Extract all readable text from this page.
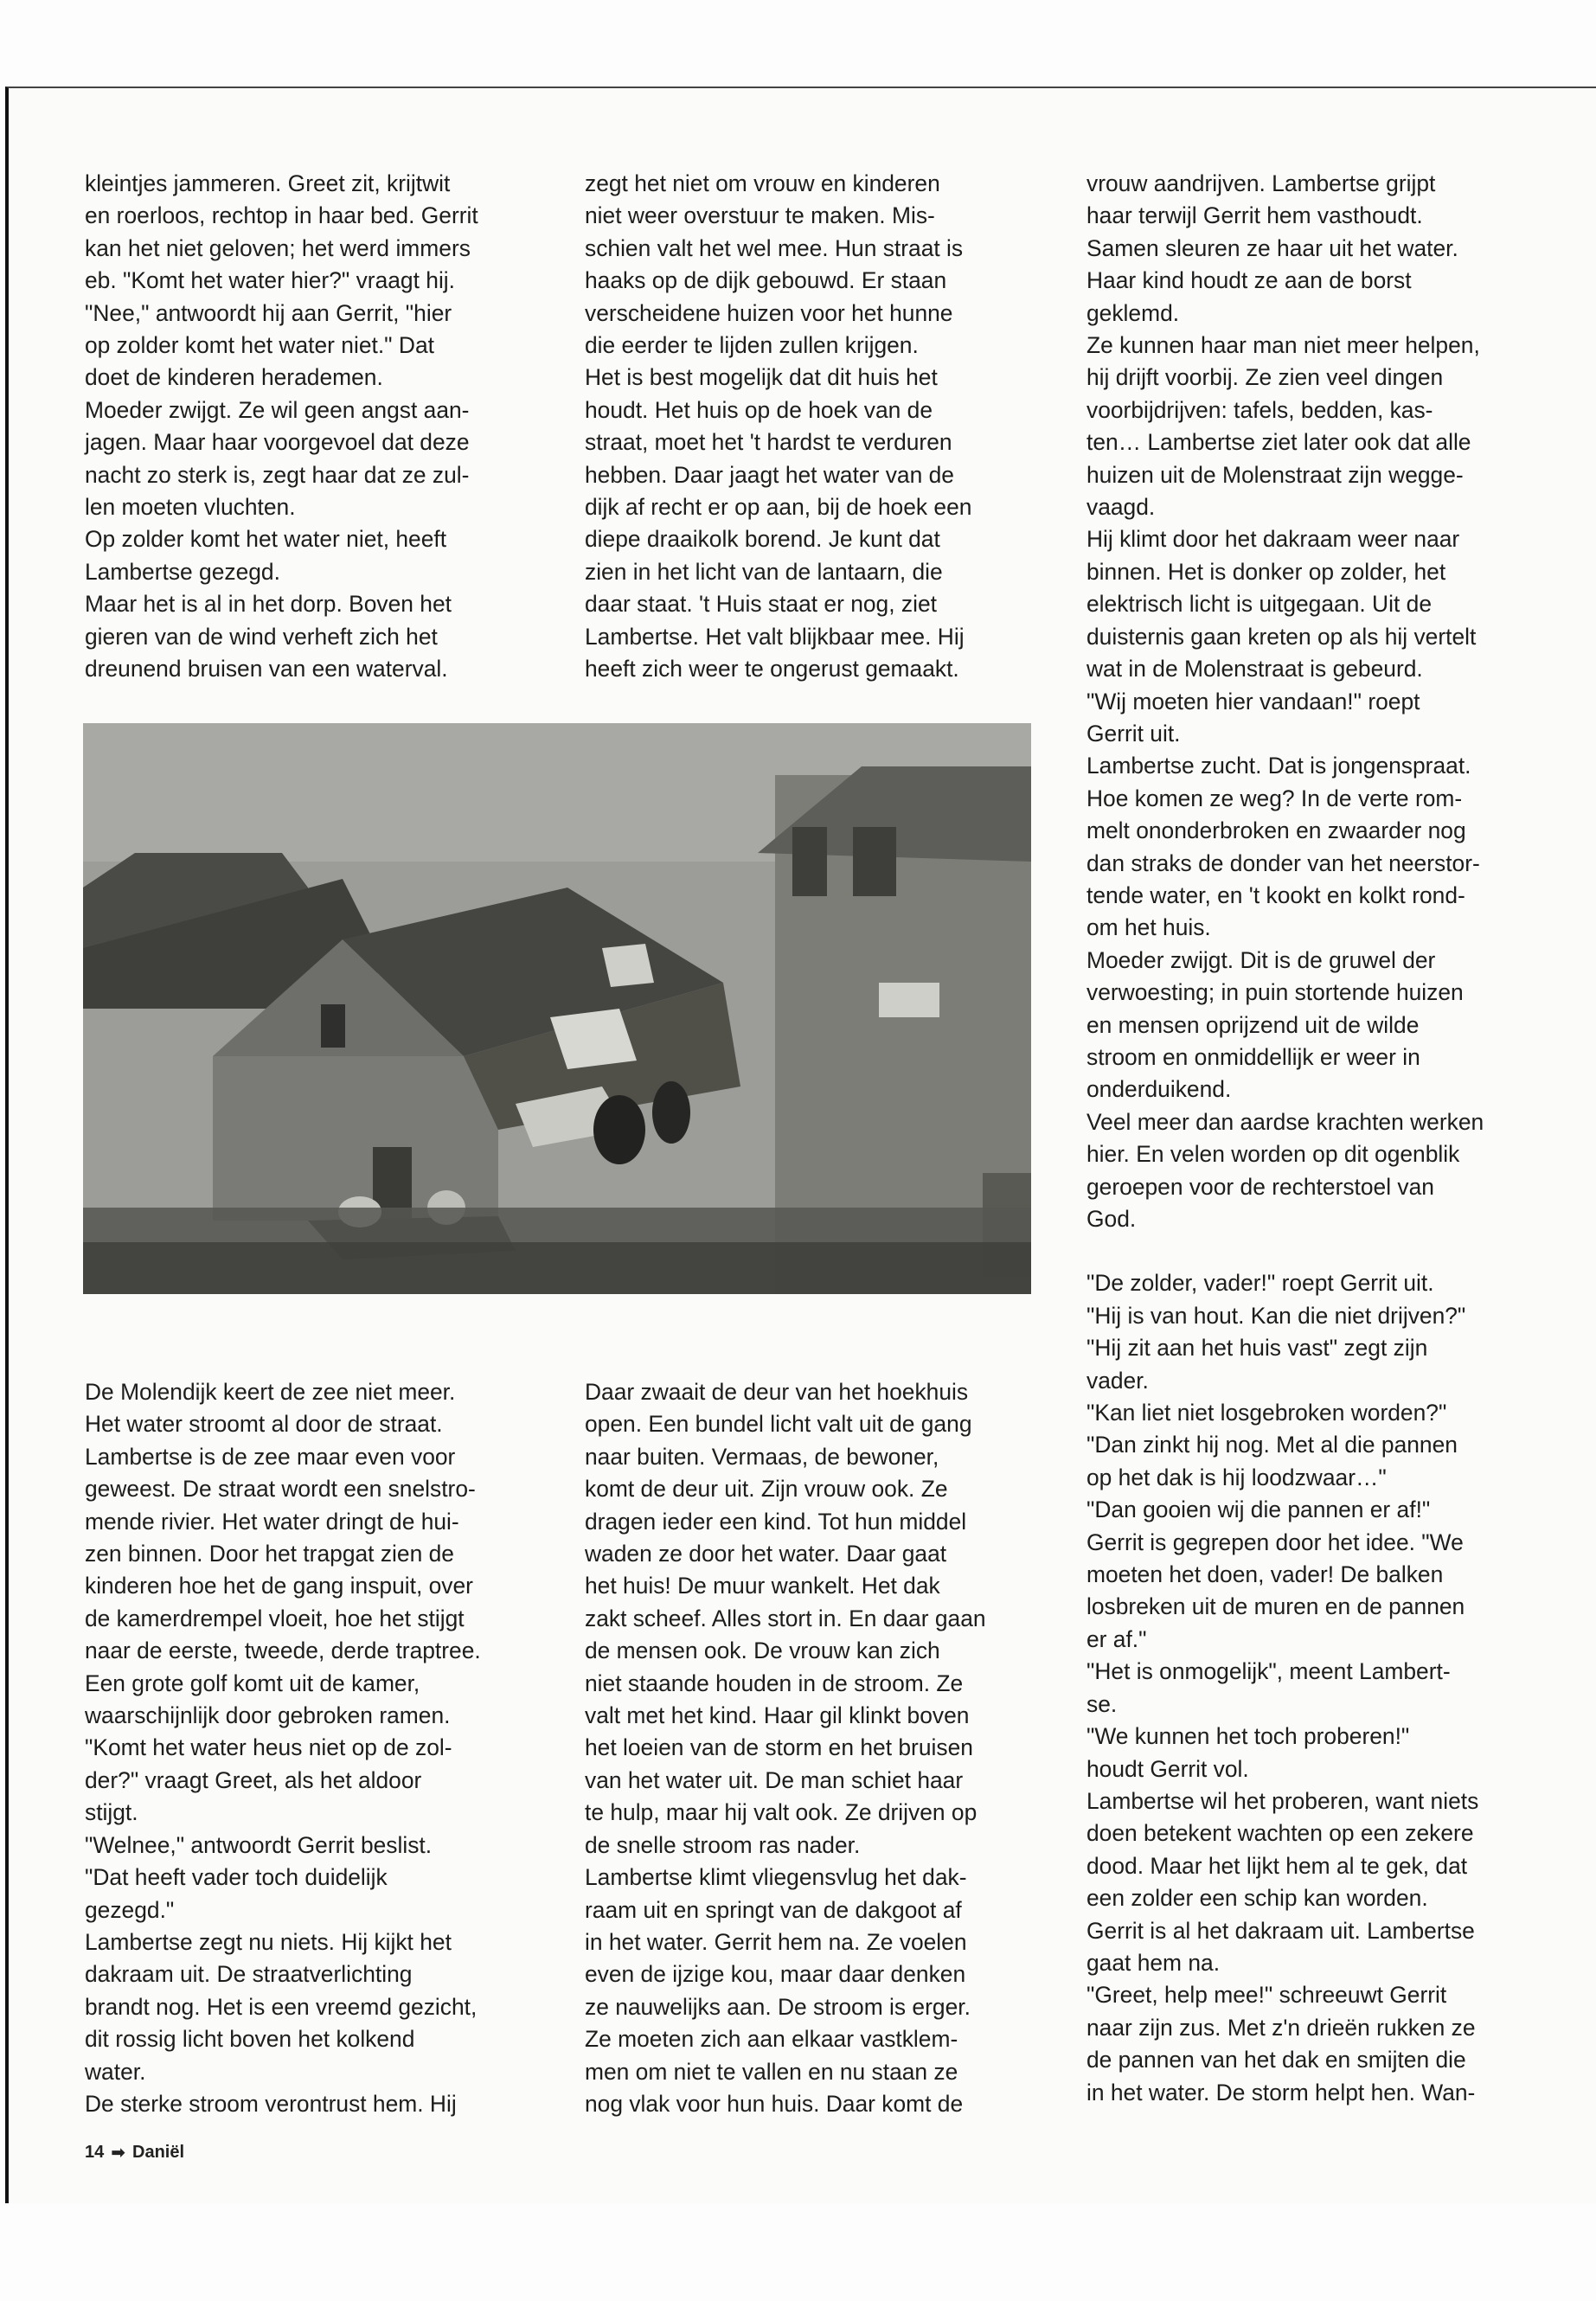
kleintjes jammeren. Greet zit, krijtwit
en roerloos, rechtop in haar bed. Gerrit
kan het niet geloven; het werd immers
eb. "Komt het water hier?" vraagt hij.
"Nee," antwoordt hij aan Gerrit, "hier
op zolder komt het water niet." Dat
doet de kinderen herademen.
Moeder zwijgt. Ze wil geen angst aan-
jagen. Maar haar voorgevoel dat deze
nacht zo sterk is, zegt haar dat ze zul-
len moeten vluchten.
Op zolder komt het water niet, heeft
Lambertse gezegd.
Maar het is al in het dorp. Boven het
gieren van de wind verheft zich het
dreunend bruisen van een waterval.
zegt het niet om vrouw en kinderen
niet weer overstuur te maken. Mis-
schien valt het wel mee. Hun straat is
haaks op de dijk gebouwd. Er staan
verscheidene huizen voor het hunne
die eerder te lijden zullen krijgen.
Het is best mogelijk dat dit huis het
houdt. Het huis op de hoek van de
straat, moet het 't hardst te verduren
hebben. Daar jaagt het water van de
dijk af recht er op aan, bij de hoek een
diepe draaikolk borend. Je kunt dat
zien in het licht van de lantaarn, die
daar staat. 't Huis staat er nog, ziet
Lambertse. Het valt blijkbaar mee. Hij
heeft zich weer te ongerust gemaakt.
vrouw aandrijven. Lambertse grijpt
haar terwijl Gerrit hem vasthoudt.
Samen sleuren ze haar uit het water.
Haar kind houdt ze aan de borst
geklemd.
Ze kunnen haar man niet meer helpen,
hij drijft voorbij. Ze zien veel dingen
voorbijdrijven: tafels, bedden, kas-
ten… Lambertse ziet later ook dat alle
huizen uit de Molenstraat zijn wegge-
vaagd.
Hij klimt door het dakraam weer naar
binnen. Het is donker op zolder, het
elektrisch licht is uitgegaan. Uit de
duisternis gaan kreten op als hij vertelt
wat in de Molenstraat is gebeurd.
"Wij moeten hier vandaan!" roept
Gerrit uit.
Lambertse zucht. Dat is jongenspraat.
Hoe komen ze weg? In de verte rom-
melt ononderbroken en zwaarder nog
dan straks de donder van het neerstor-
tende water, en 't kookt en kolkt rond-
om het huis.
Moeder zwijgt. Dit is de gruwel der
verwoesting; in puin stortende huizen
en mensen oprijzend uit de wilde
stroom en onmiddellijk er weer in
onderduikend.
Veel meer dan aardse krachten werken
hier. En velen worden op dit ogenblik
geroepen voor de rechterstoel van
God.
"De zolder, vader!" roept Gerrit uit.
"Hij is van hout. Kan die niet drijven?"
"Hij zit aan het huis vast" zegt zijn
vader.
"Kan liet niet losgebroken worden?"
"Dan zinkt hij nog. Met al die pannen
op het dak is hij loodzwaar…"
"Dan gooien wij die pannen er af!"
Gerrit is gegrepen door het idee. "We
moeten het doen, vader! De balken
losbreken uit de muren en de pannen
er af."
"Het is onmogelijk", meent Lambert-
se.
"We kunnen het toch proberen!"
houdt Gerrit vol.
Lambertse wil het proberen, want niets
doen betekent wachten op een zekere
dood. Maar het lijkt hem al te gek, dat
een zolder een schip kan worden.
Gerrit is al het dakraam uit. Lambertse
gaat hem na.
"Greet, help mee!" schreeuwt Gerrit
naar zijn zus. Met z'n drieën rukken ze
de pannen van het dak en smijten die
in het water. De storm helpt hen. Wan-
De Molendijk keert de zee niet meer.
Het water stroomt al door de straat.
Lambertse is de zee maar even voor
geweest. De straat wordt een snelstro-
mende rivier. Het water dringt de hui-
zen binnen. Door het trapgat zien de
kinderen hoe het de gang inspuit, over
de kamerdrempel vloeit, hoe het stijgt
naar de eerste, tweede, derde traptree.
Een grote golf komt uit de kamer,
waarschijnlijk door gebroken ramen.
"Komt het water heus niet op de zol-
der?" vraagt Greet, als het aldoor
stijgt.
"Welnee," antwoordt Gerrit beslist.
"Dat heeft vader toch duidelijk
gezegd."
Lambertse zegt nu niets. Hij kijkt het
dakraam uit. De straatverlichting
brandt nog. Het is een vreemd gezicht,
dit rossig licht boven het kolkend
water.
De sterke stroom verontrust hem. Hij
Daar zwaait de deur van het hoekhuis
open. Een bundel licht valt uit de gang
naar buiten. Vermaas, de bewoner,
komt de deur uit. Zijn vrouw ook. Ze
dragen ieder een kind. Tot hun middel
waden ze door het water. Daar gaat
het huis! De muur wankelt. Het dak
zakt scheef. Alles stort in. En daar gaan
de mensen ook. De vrouw kan zich
niet staande houden in de stroom. Ze
valt met het kind. Haar gil klinkt boven
het loeien van de storm en het bruisen
van het water uit. De man schiet haar
te hulp, maar hij valt ook. Ze drijven op
de snelle stroom ras nader.
Lambertse klimt vliegensvlug het dak-
raam uit en springt van de dakgoot af
in het water. Gerrit hem na. Ze voelen
even de ijzige kou, maar daar denken
ze nauwelijks aan. De stroom is erger.
Ze moeten zich aan elkaar vastklem-
men om niet te vallen en nu staan ze
nog vlak voor hun huis. Daar komt de
14 ➡ Daniël
